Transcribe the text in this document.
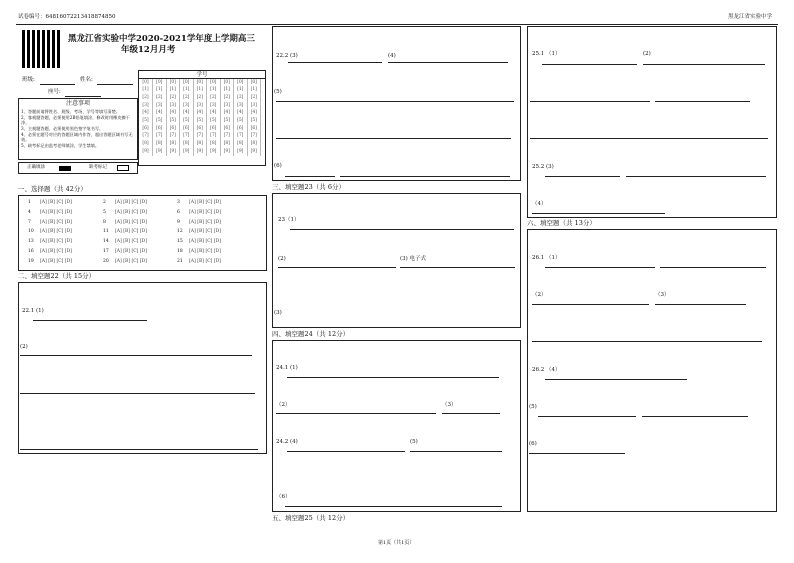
试卷编号：64816072213418874850	黑龙江省实验中学
黑龙江省实验中学2020-2021学年度上学期高三
年级12月月考
班级:	姓名:
座号:
学号
[0]	[0]	[0]	[0]	[0]	[0]	[0]	[0]	[0]
[1]	[1]	[1]	[1]	[1]	[1]	[1]	[1]	[1]
[2]	[2]	[2]	[2]	[2]	[2]	[2]	[2]	[2]
[3]	[3]	[3]	[3]	[3]	[3]	[3]	[3]	[3]
[4]	[4]	[4]	[4]	[4]	[4]	[4]	[4]	[4]
[5]	[5]	[5]	[5]	[5]	[5]	[5]	[5]	[5]
[6]	[6]	[6]	[6]	[6]	[6]	[6]	[6]	[6]
[7]	[7]	[7]	[7]	[7]	[7]	[7]	[7]	[7]
[8]	[8]	[8]	[8]	[8]	[8]	[8]	[8]	[8]
[9]	[9]	[9]	[9]	[9]	[9]	[9]	[9]	[9]
注意事项
1、答题前请将姓名、班级、考场、学号等填写清楚。
2、客观题答题，必须使用2B铅笔填涂，修改时用橡皮擦干净。
3、主观题答题，必须使用黑色签字笔书写。
4、必须在题号对应的答题区域内作答，超出答题区域书写无效。
5、缺考标记由监考老师填涂，学生禁填。
正确填涂	缺考标记
一、选择题（共 42分）
1 [A] [B] [C] [D]	2 [A] [B] [C] [D]	3 [A] [B] [C] [D]
4 [A] [B] [C] [D]	5 [A] [B] [C] [D]	6 [A] [B] [C] [D]
7 [A] [B] [C] [D]	8 [A] [B] [C] [D]	9 [A] [B] [C] [D]
10 [A] [B] [C] [D]	11 [A] [B] [C] [D]	12 [A] [B] [C] [D]
13 [A] [B] [C] [D]	14 [A] [B] [C] [D]	15 [A] [B] [C] [D]
16 [A] [B] [C] [D]	17 [A] [B] [C] [D]	18 [A] [B] [C] [D]
19 [A] [B] [C] [D]	20 [A] [B] [C] [D]	21 [A] [B] [C] [D]
二、填空题22（共 15分）
22.1 (1)
(2)
22.2 (3)	(4)
(5)
(6)
三、填空题23（共 6分）
23（1）
(2)	(3) 电子式
(3)
四、填空题24（共 12分）
24.1 (1)
（2）	（3）
24.2 (4)	(5)
（6）
五、填空题25（共 12分）
25.1 （1）	(2)
25.2 (3)
（4）
六、填空题（共 13分）
26.1 （1）
（2）	（3）
26.2 （4）
(5)
(6)
第1页（共1页）
